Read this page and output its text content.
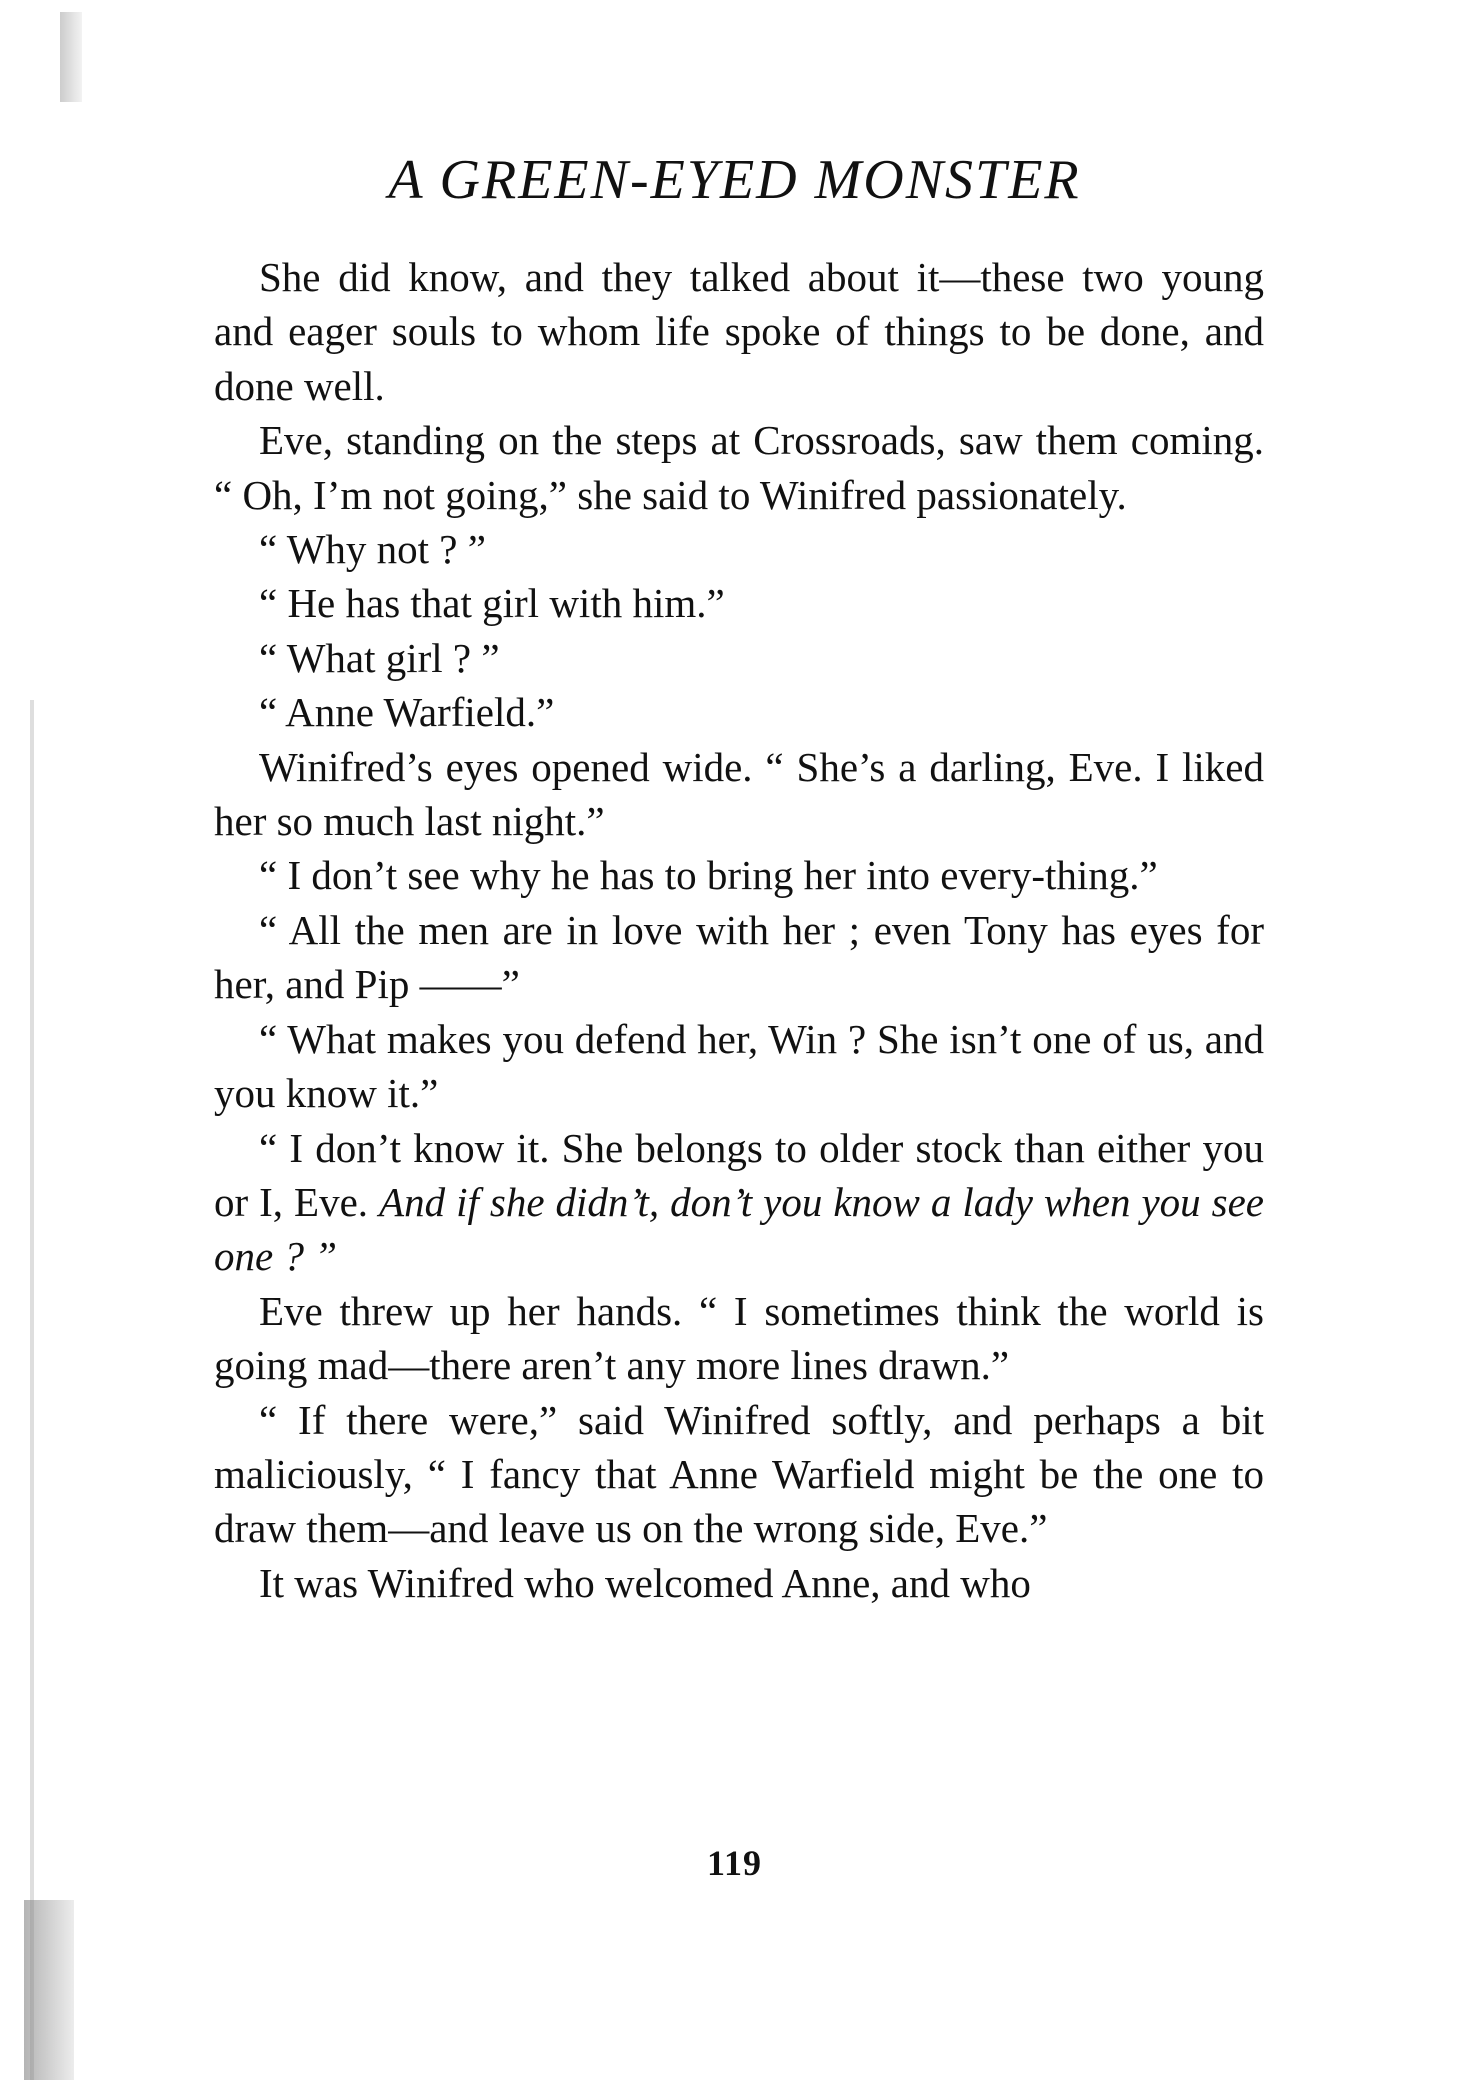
A GREEN-EYED MONSTER

She did know, and they talked about it—these two young and eager souls to whom life spoke of things to be done, and done well.

Eve, standing on the steps at Crossroads, saw them coming. “ Oh, I’m not going,” she said to Winifred passionately.

“ Why not ? ”

“ He has that girl with him.”

“ What girl ? ”

“ Anne Warfield.”

Winifred’s eyes opened wide. “ She’s a darling, Eve. I liked her so much last night.”

“ I don’t see why he has to bring her into every-thing.”

“ All the men are in love with her ; even Tony has eyes for her, and Pip ——”

“ What makes you defend her, Win ? She isn’t one of us, and you know it.”

“ I don’t know it. She belongs to older stock than either you or I, Eve. And if she didn’t, don’t you know a lady when you see one ? ”

Eve threw up her hands. “ I sometimes think the world is going mad—there aren’t any more lines drawn.”

“ If there were,” said Winifred softly, and perhaps a bit maliciously, “ I fancy that Anne Warfield might be the one to draw them—and leave us on the wrong side, Eve.”

It was Winifred who welcomed Anne, and who

119
